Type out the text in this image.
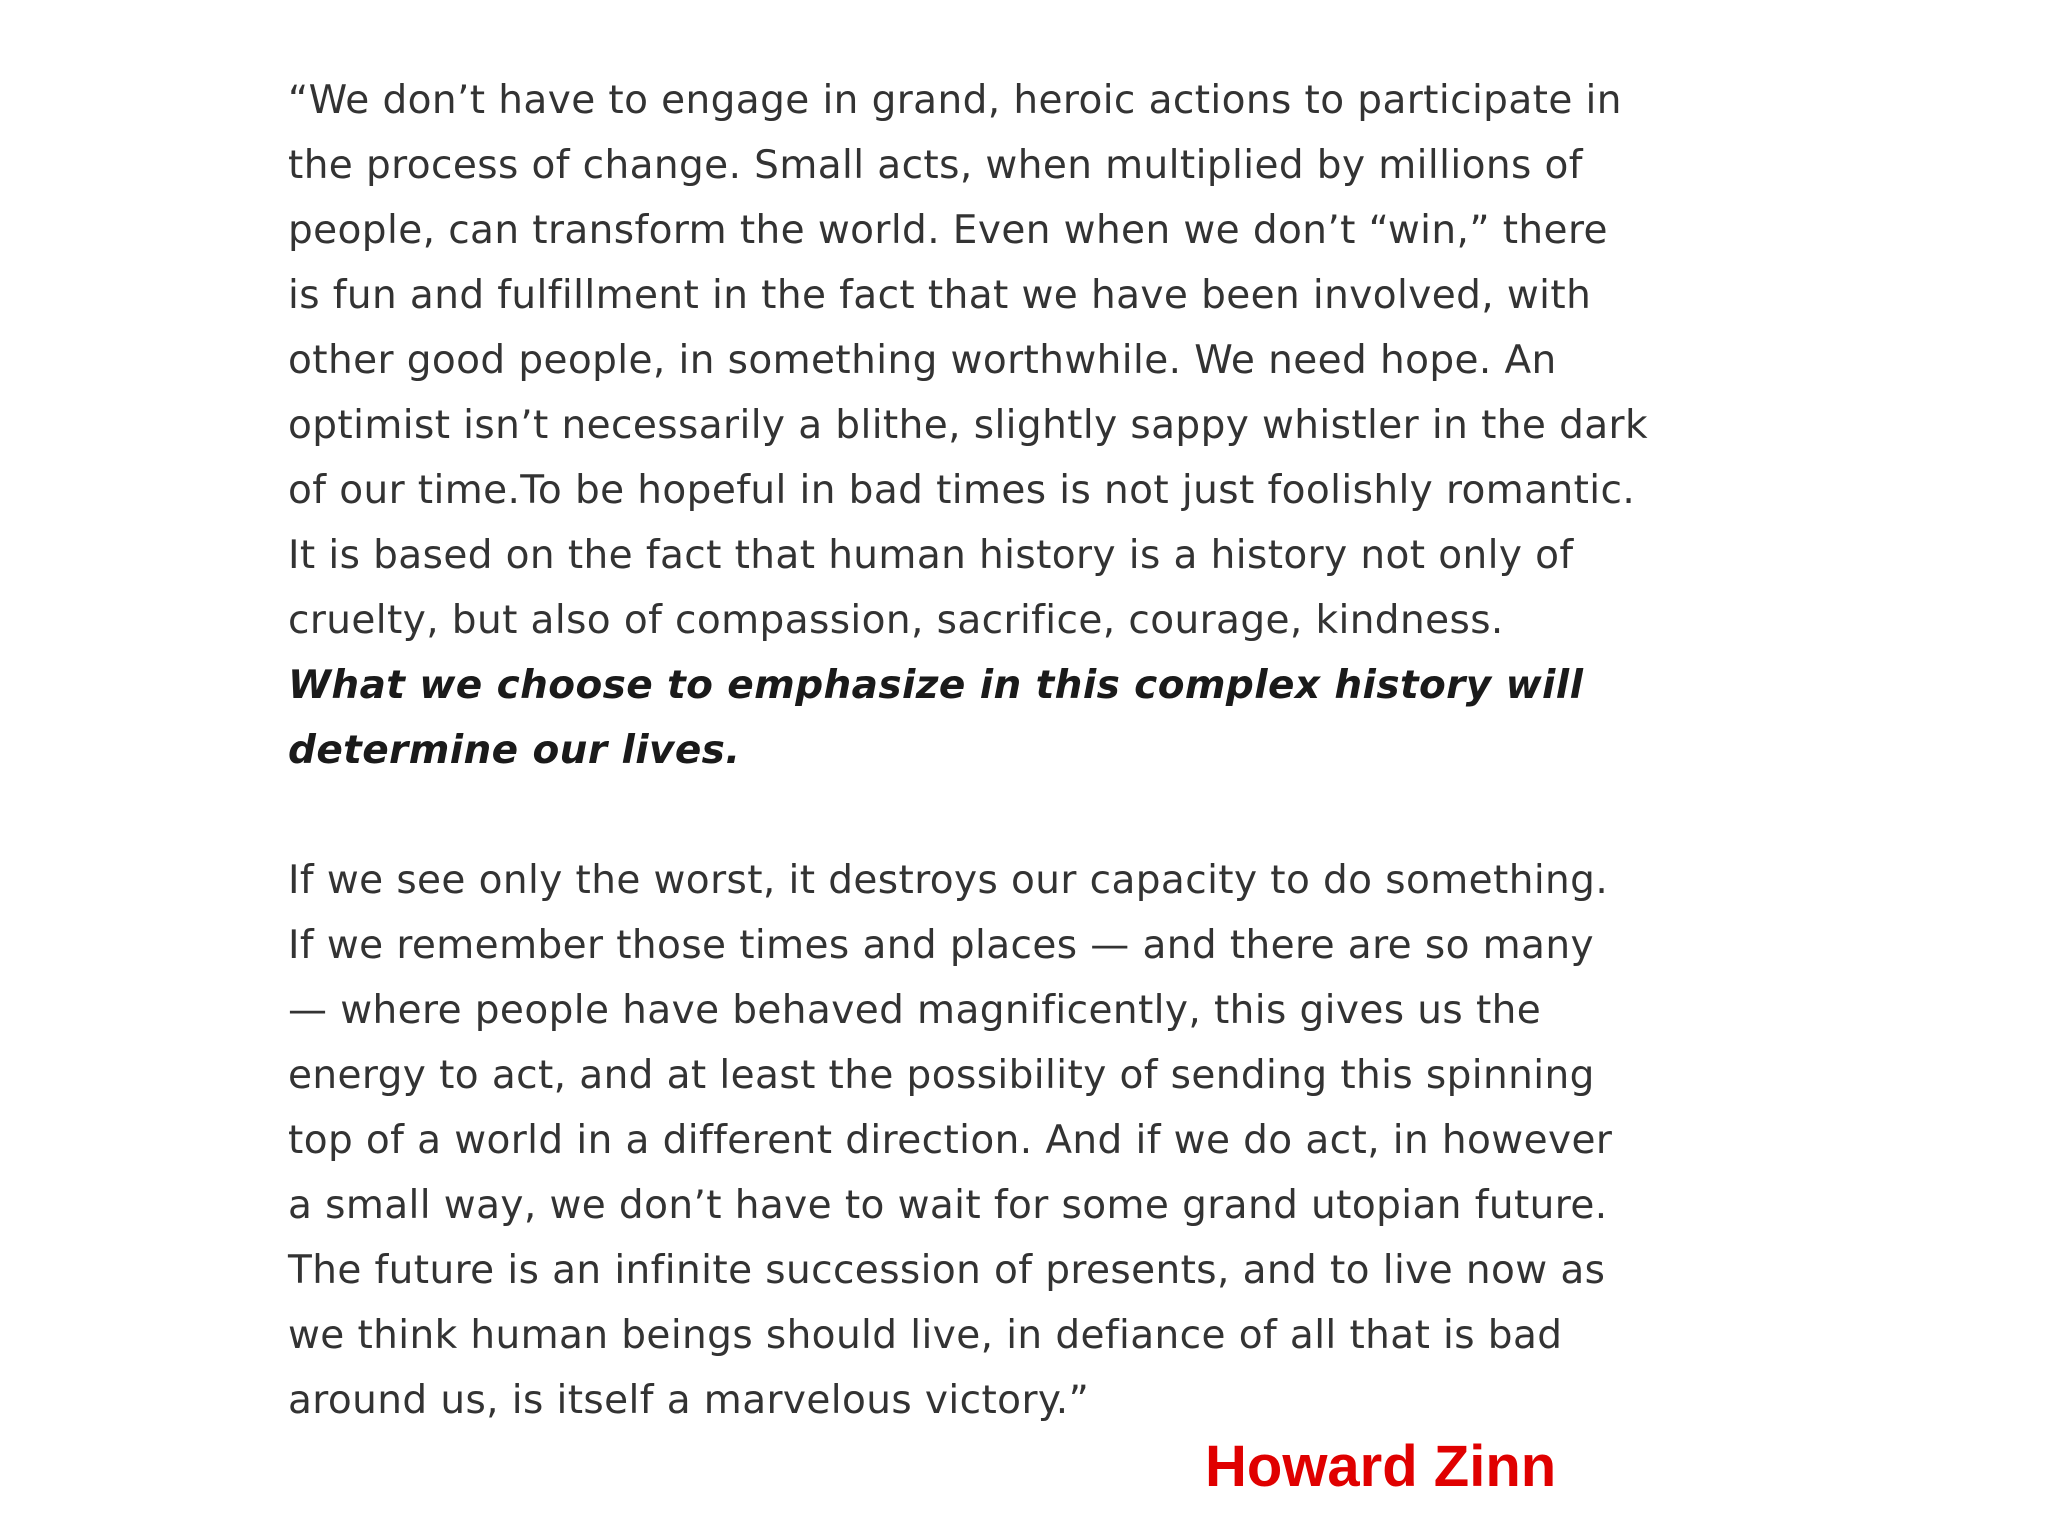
“We don’t have to engage in grand, heroic actions to participate in
the process of change. Small acts, when multiplied by millions of
people, can transform the world. Even when we don’t “win,” there
is fun and fulfillment in the fact that we have been involved, with
other good people, in something worthwhile. We need hope. An
optimist isn’t necessarily a blithe, slightly sappy whistler in the dark
of our time.To be hopeful in bad times is not just foolishly romantic.
It is based on the fact that human history is a history not only of
cruelty, but also of compassion, sacrifice, courage, kindness.
What we choose to emphasize in this complex history will
determine our lives.
If we see only the worst, it destroys our capacity to do something.
If we remember those times and places — and there are so many
— where people have behaved magnificently, this gives us the
energy to act, and at least the possibility of sending this spinning
top of a world in a different direction. And if we do act, in however
a small way, we don’t have to wait for some grand utopian future.
The future is an infinite succession of presents, and to live now as
we think human beings should live, in defiance of all that is bad
around us, is itself a marvelous victory.”
Howard Zinn
